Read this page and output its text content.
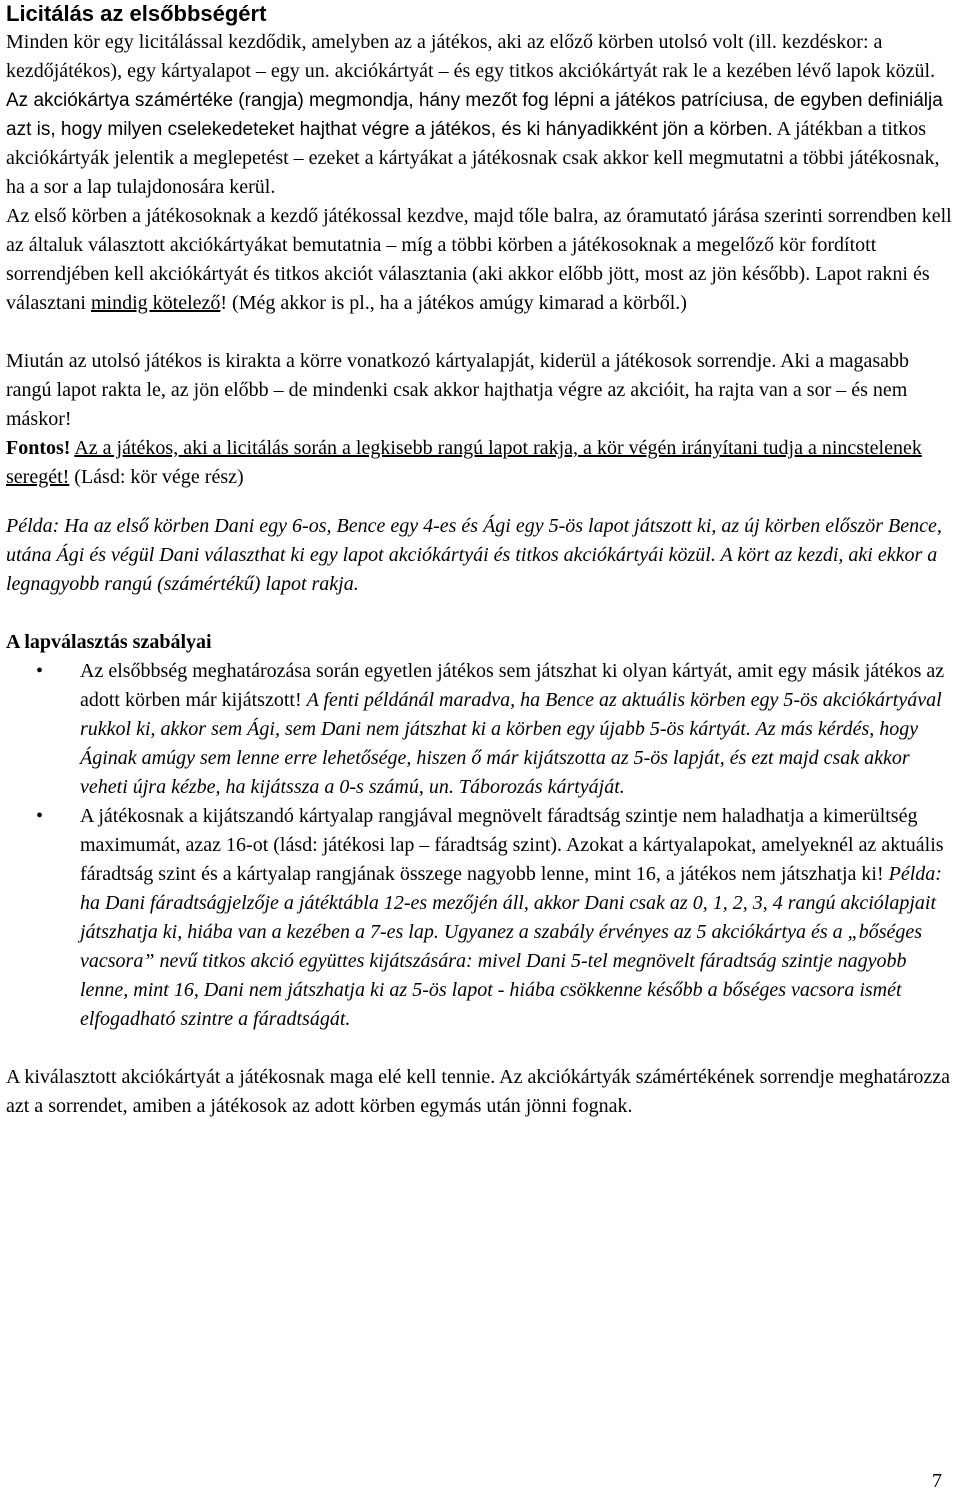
Licitálás az elsőbbségért

Minden kör egy licitálással kezdődik, amelyben az a játékos, aki az előző körben utolsó volt (ill. kezdéskor: a kezdőjátékos), egy kártyalapot – egy un. akciókártyát – és egy titkos akciókártyát rak le a kezében lévő lapok közül. Az akciókártya számértéke (rangja) megmondja, hány mezőt fog lépni a játékos patríciusa, de egyben definiálja azt is, hogy milyen cselekedeteket hajthat végre a játékos, és ki hányadikként jön a körben. A játékban a titkos akciókártyák jelentik a meglepetést – ezeket a kártyákat a játékosnak csak akkor kell megmutatni a többi játékosnak, ha a sor a lap tulajdonosára kerül.

Az első körben a játékosoknak a kezdő játékossal kezdve, majd tőle balra, az óramutató járása szerinti sorrendben kell az általuk választott akciókártyákat bemutatnia – míg a többi körben a játékosoknak a megelőző kör fordított sorrendjében kell akciókártyát és titkos akciót választania (aki akkor előbb jött, most az jön később). Lapot rakni és választani mindig kötelező! (Még akkor is pl., ha a játékos amúgy kimarad a körből.)

Miután az utolsó játékos is kirakta a körre vonatkozó kártyalapját, kiderül a játékosok sorrendje. Aki a magasabb rangú lapot rakta le, az jön előbb – de mindenki csak akkor hajthatja végre az akcióit, ha rajta van a sor – és nem máskor!

Fontos! Az a játékos, aki a licitálás során a legkisebb rangú lapot rakja, a kör végén irányítani tudja a nincstelenek seregét! (Lásd: kör vége rész)

Példa: Ha az első körben Dani egy 6-os, Bence egy 4-es és Ági egy 5-ös lapot játszott ki, az új körben először Bence, utána Ági és végül Dani választhat ki egy lapot akciókártyái és titkos akciókártyái közül. A kört az kezdi, aki ekkor a legnagyobb rangú (számértékű) lapot rakja.

A lapválasztás szabályai
• Az elsőbbség meghatározása során egyetlen játékos sem játszhat ki olyan kártyát, amit egy másik játékos az adott körben már kijátszott! A fenti példánál maradva, ha Bence az aktuális körben egy 5-ös akciókártyával rukkol ki, akkor sem Ági, sem Dani nem játszhat ki a körben egy újabb 5-ös kártyát. Az más kérdés, hogy Áginak amúgy sem lenne erre lehetősége, hiszen ő már kijátszotta az 5-ös lapját, és ezt majd csak akkor veheti újra kézbe, ha kijátssza a 0-s számú, un. Táborozás kártyáját.
• A játékosnak a kijátszandó kártyalap rangjával megnövelt fáradtság szintje nem haladhatja a kimerültség maximumát, azaz 16-ot (lásd: játékosi lap – fáradtság szint). Azokat a kártyalapokat, amelyeknél az aktuális fáradtság szint és a kártyalap rangjának összege nagyobb lenne, mint 16, a játékos nem játszhatja ki! Példa: ha Dani fáradtságjelzője a játéktábla 12-es mezőjén áll, akkor Dani csak az 0, 1, 2, 3, 4 rangú akciólapjait játszhatja ki, hiába van a kezében a 7-es lap. Ugyanez a szabály érvényes az 5 akciókártya és a „bőséges vacsora” nevű titkos akció együttes kijátszására: mivel Dani 5-tel megnövelt fáradtság szintje nagyobb lenne, mint 16, Dani nem játszhatja ki az 5-ös lapot - hiába csökkenne később a bőséges vacsora ismét elfogadható szintre a fáradtságát.

A kiválasztott akciókártyát a játékosnak maga elé kell tennie. Az akciókártyák számértékének sorrendje meghatározza azt a sorrendet, amiben a játékosok az adott körben egymás után jönni fognak.

7
